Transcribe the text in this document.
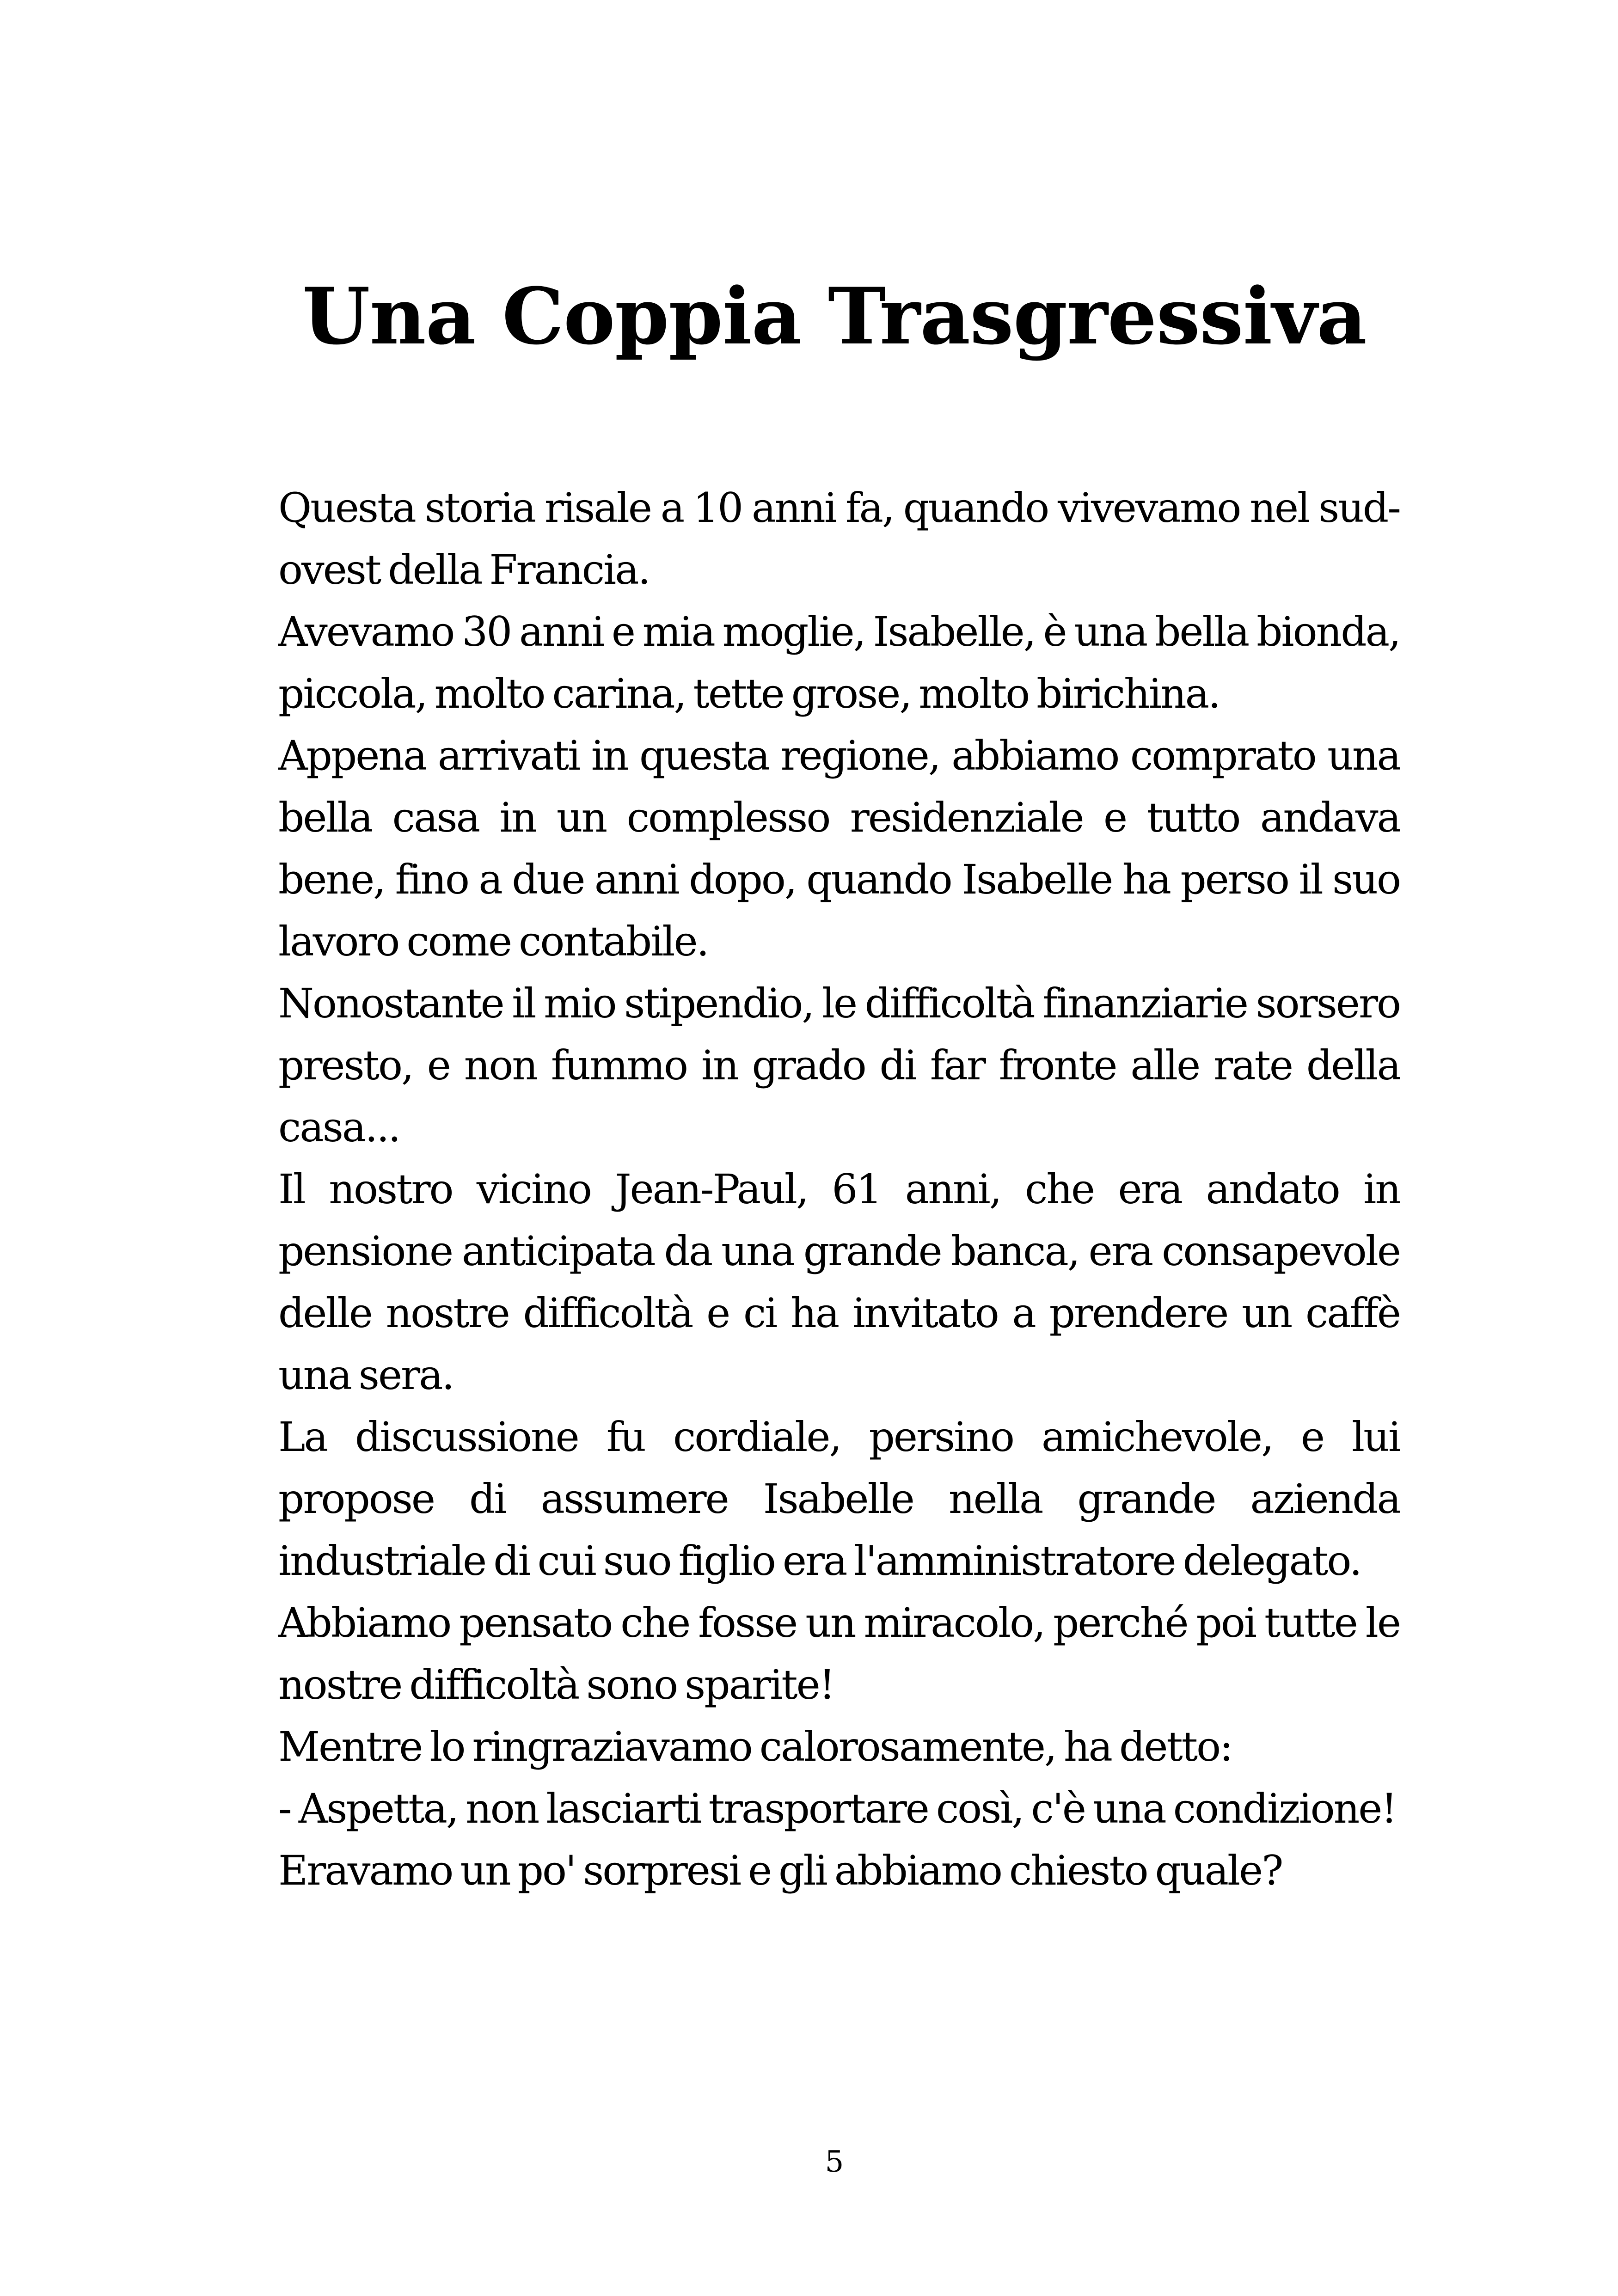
Una Coppia Trasgressiva

Questa storia risale a 10 anni fa, quando vivevamo nel sud-ovest della Francia.

Avevamo 30 anni e mia moglie, Isabelle, è una bella bionda, piccola, molto carina, tette grose, molto birichina.

Appena arrivati in questa regione, abbiamo comprato una bella casa in un complesso residenziale e tutto andava bene, fino a due anni dopo, quando Isabelle ha perso il suo lavoro come contabile.

Nonostante il mio stipendio, le difficoltà finanziarie sorsero presto, e non fummo in grado di far fronte alle rate della casa...

Il nostro vicino Jean-Paul, 61 anni, che era andato in pensione anticipata da una grande banca, era consapevole delle nostre difficoltà e ci ha invitato a prendere un caffè una sera.

La discussione fu cordiale, persino amichevole, e lui propose di assumere Isabelle nella grande azienda industriale di cui suo figlio era l'amministratore delegato.

Abbiamo pensato che fosse un miracolo, perché poi tutte le nostre difficoltà sono sparite!

Mentre lo ringraziavamo calorosamente, ha detto:

- Aspetta, non lasciarti trasportare così, c'è una condizione!

Eravamo un po' sorpresi e gli abbiamo chiesto quale?

5
